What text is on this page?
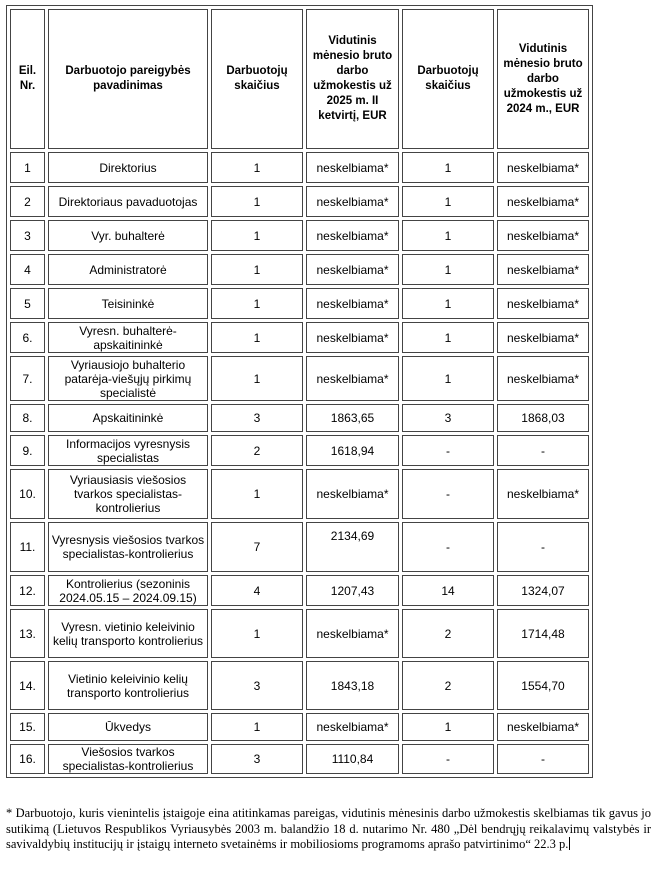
Eil. Nr.	Darbuotojo pareigybės pavadinimas	Darbuotojų skaičius	Vidutinis mėnesio bruto darbo užmokestis už 2025 m. II ketvirtį, EUR	Darbuotojų skaičius	Vidutinis mėnesio bruto darbo užmokestis už 2024 m., EUR
1	Direktorius	1	neskelbiama*	1	neskelbiama*
2	Direktoriaus pavaduotojas	1	neskelbiama*	1	neskelbiama*
3	Vyr. buhalterė	1	neskelbiama*	1	neskelbiama*
4	Administratorė	1	neskelbiama*	1	neskelbiama*
5	Teisininkė	1	neskelbiama*	1	neskelbiama*
6.	Vyresn. buhalterė-apskaitininkė	1	neskelbiama*	1	neskelbiama*
7.	Vyriausiojo buhalterio patarėja-viešųjų pirkimų specialistė	1	neskelbiama*	1	neskelbiama*
8.	Apskaitininkė	3	1863,65	3	1868,03
9.	Informacijos vyresnysis specialistas	2	1618,94	-	-
10.	Vyriausiasis viešosios tvarkos specialistas-kontrolierius	1	neskelbiama*	-	neskelbiama*
11.	Vyresnysis viešosios tvarkos specialistas-kontrolierius	7	2134,69	-	-
12.	Kontrolierius (sezoninis 2024.05.15 – 2024.09.15)	4	1207,43	14	1324,07
13.	Vyresn. vietinio keleivinio kelių transporto kontrolierius	1	neskelbiama*	2	1714,48
14.	Vietinio keleivinio kelių transporto kontrolierius	3	1843,18	2	1554,70
15.	Ūkvedys	1	neskelbiama*	1	neskelbiama*
16.	Viešosios tvarkos specialistas-kontrolierius	3	1110,84	-	-
* Darbuotojo, kuris vienintelis įstaigoje eina atitinkamas pareigas, vidutinis mėnesinis darbo užmokestis skelbiamas tik gavus jo sutikimą (Lietuvos Respublikos Vyriausybės 2003 m. balandžio 18 d. nutarimo Nr. 480 „Dėl bendrųjų reikalavimų valstybės ir savivaldybių institucijų ir įstaigų interneto svetainėms ir mobiliosioms programoms aprašo patvirtinimo“ 22.3 p.
